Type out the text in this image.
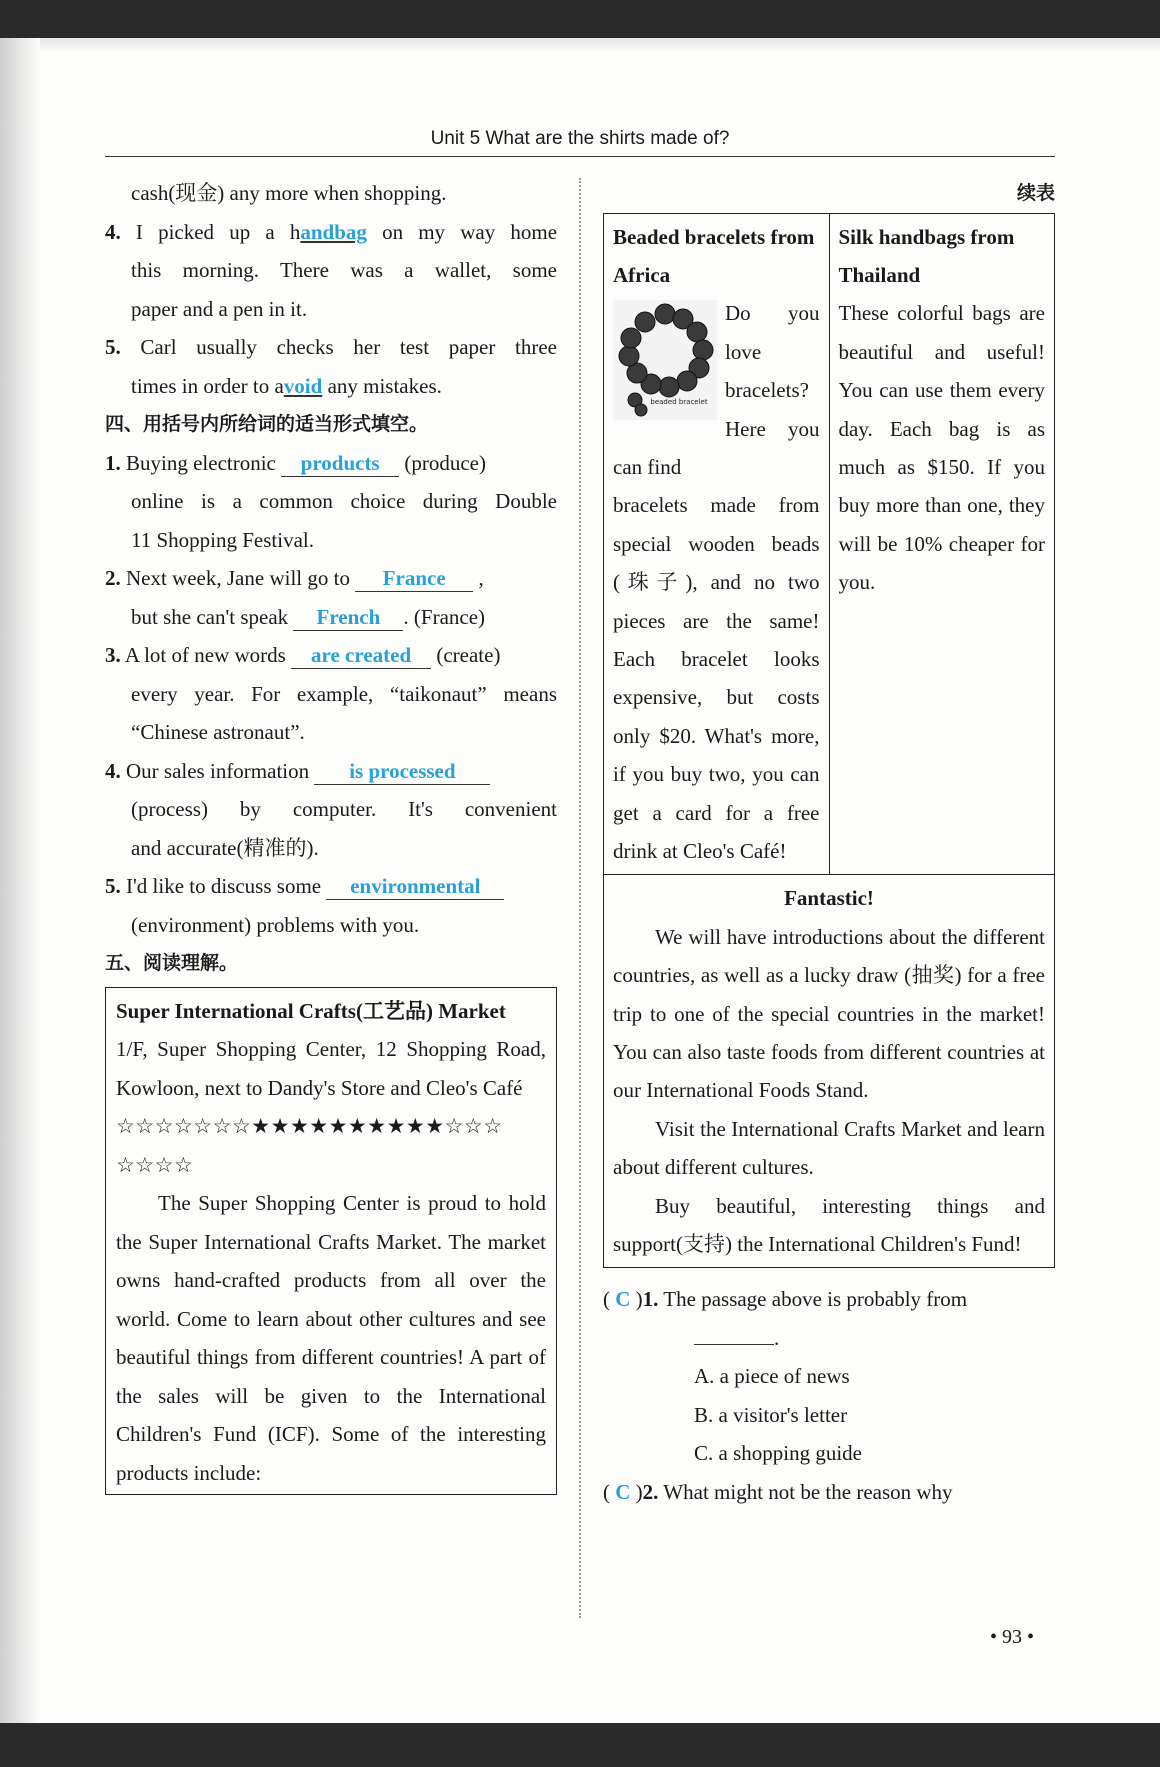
Unit 5 What are the shirts made of?

cash(现金) any more when shopping.

4. I picked up a handbag on my way home

this morning. There was a wallet, some

paper and a pen in it.

5. Carl usually checks her test paper three

times in order to avoid any mistakes.

四、用括号内所给词的适当形式填空。

1. Buying electronic products (produce)

online is a common choice during Double

11 Shopping Festival.

2. Next week, Jane will go to France ,

but she can't speak French . (France)

3. A lot of new words are created (create)

every year. For example, “taikonaut” means

“Chinese astronaut”.

4. Our sales information is processed

(process) by computer. It's convenient

and accurate(精准的).

5. I'd like to discuss some environmental

(environment) problems with you.

五、阅读理解。

Super International Crafts(工艺品) Market

1/F, Super Shopping Center, 12 Shopping Road, Kowloon, next to Dandy's Store and Cleo's Café

☆☆☆☆☆☆☆★★★★★★★★★★☆☆☆
☆☆☆☆

The Super Shopping Center is proud to hold the Super International Crafts Market. The market owns hand-crafted products from all over the world. Come to learn about other cultures and see beautiful things from different countries! A part of the sales will be given to the International Children's Fund (ICF). Some of the interesting products include:

续表

Beaded bracelets from Africa

beaded bracelet

Do you love bracelets? Here you can find

bracelets made from special wooden beads (珠子), and no two pieces are the same! Each bracelet looks expensive, but costs only $20. What's more, if you buy two, you can get a card for a free drink at Cleo's Café!

Silk handbags from Thailand

These colorful bags are beautiful and useful! You can use them every day. Each bag is as much as $150. If you buy more than one, they will be 10% cheaper for you.

Fantastic!

We will have introductions about the different countries, as well as a lucky draw (抽奖) for a free trip to one of the special countries in the market! You can also taste foods from different countries at our International Foods Stand.

Visit the International Crafts Market and learn about different cultures.

Buy beautiful, interesting things and support(支持) the International Children's Fund!

( C )1. The passage above is probably from

.

A. a piece of news

B. a visitor's letter

C. a shopping guide

( C )2. What might not be the reason why

• 93 •
